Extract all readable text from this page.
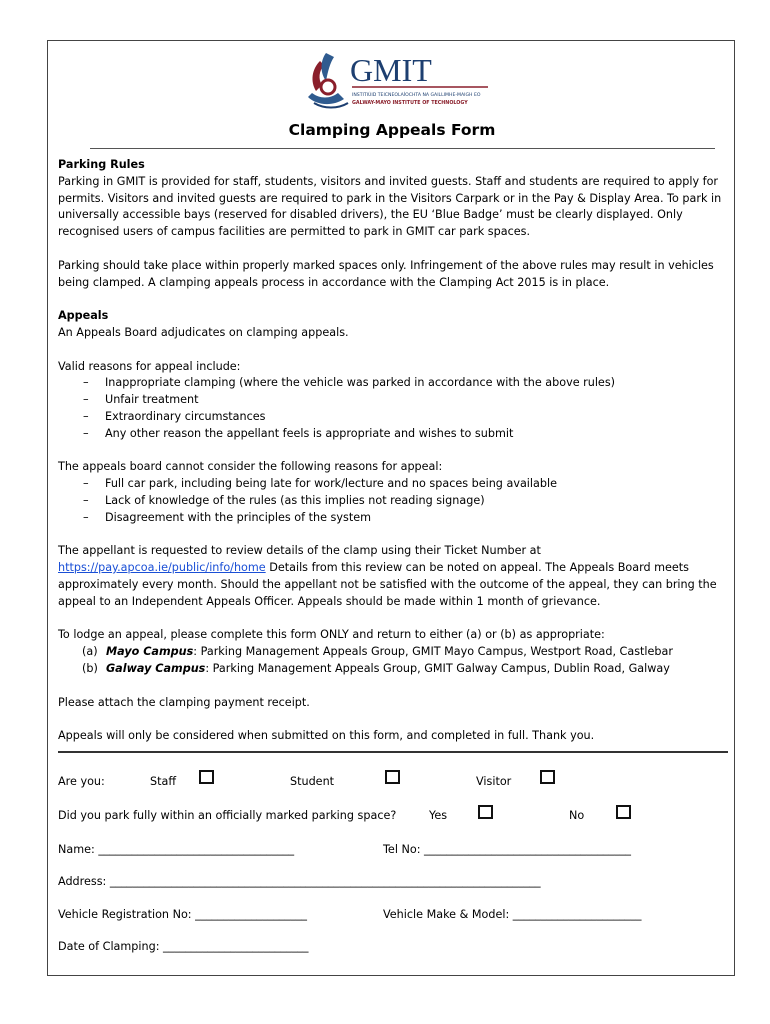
GMIT
INSTITIÚID TEICNEOLAÍOCHTA NA GAILLIMHE-MAIGH EO
GALWAY-MAYO INSTITUTE OF TECHNOLOGY
Clamping Appeals Form

Parking Rules

Parking in GMIT is provided for staff, students, visitors and invited guests. Staff and students are required to apply for permits. Visitors and invited guests are required to park in the Visitors Carpark or in the Pay & Display Area. To park in universally accessible bays (reserved for disabled drivers), the EU ‘Blue Badge’ must be clearly displayed. Only recognised users of campus facilities are permitted to park in GMIT car park spaces.

Parking should take place within properly marked spaces only. Infringement of the above rules may result in vehicles being clamped. A clamping appeals process in accordance with the Clamping Act 2015 is in place.

Appeals

An Appeals Board adjudicates on clamping appeals.

Valid reasons for appeal include:

– Inappropriate clamping (where the vehicle was parked in accordance with the above rules)
– Unfair treatment
– Extraordinary circumstances
– Any other reason the appellant feels is appropriate and wishes to submit

The appeals board cannot consider the following reasons for appeal:

– Full car park, including being late for work/lecture and no spaces being available
– Lack of knowledge of the rules (as this implies not reading signage)
– Disagreement with the principles of the system

The appellant is requested to review details of the clamp using their Ticket Number at
https://pay.apcoa.ie/public/info/home Details from this review can be noted on appeal. The Appeals Board meets approximately every month. Should the appellant not be satisfied with the outcome of the appeal, they can bring the appeal to an Independent Appeals Officer. Appeals should be made within 1 month of grievance.

To lodge an appeal, please complete this form ONLY and return to either (a) or (b) as appropriate:

(a) Mayo Campus: Parking Management Appeals Group, GMIT Mayo Campus, Westport Road, Castlebar
(b) Galway Campus: Parking Management Appeals Group, GMIT Galway Campus, Dublin Road, Galway

Please attach the clamping payment receipt.

Appeals will only be considered when submitted on this form, and completed in full. Thank you.

Are you:	Staff	Student	Visitor
Did you park fully within an officially marked parking space?	Yes	No
Name: ___________________________________	Tel No: _____________________________________
Address: _____________________________________________________________________________
Vehicle Registration No: ____________________	Vehicle Make & Model: _______________________
Date of Clamping: __________________________
